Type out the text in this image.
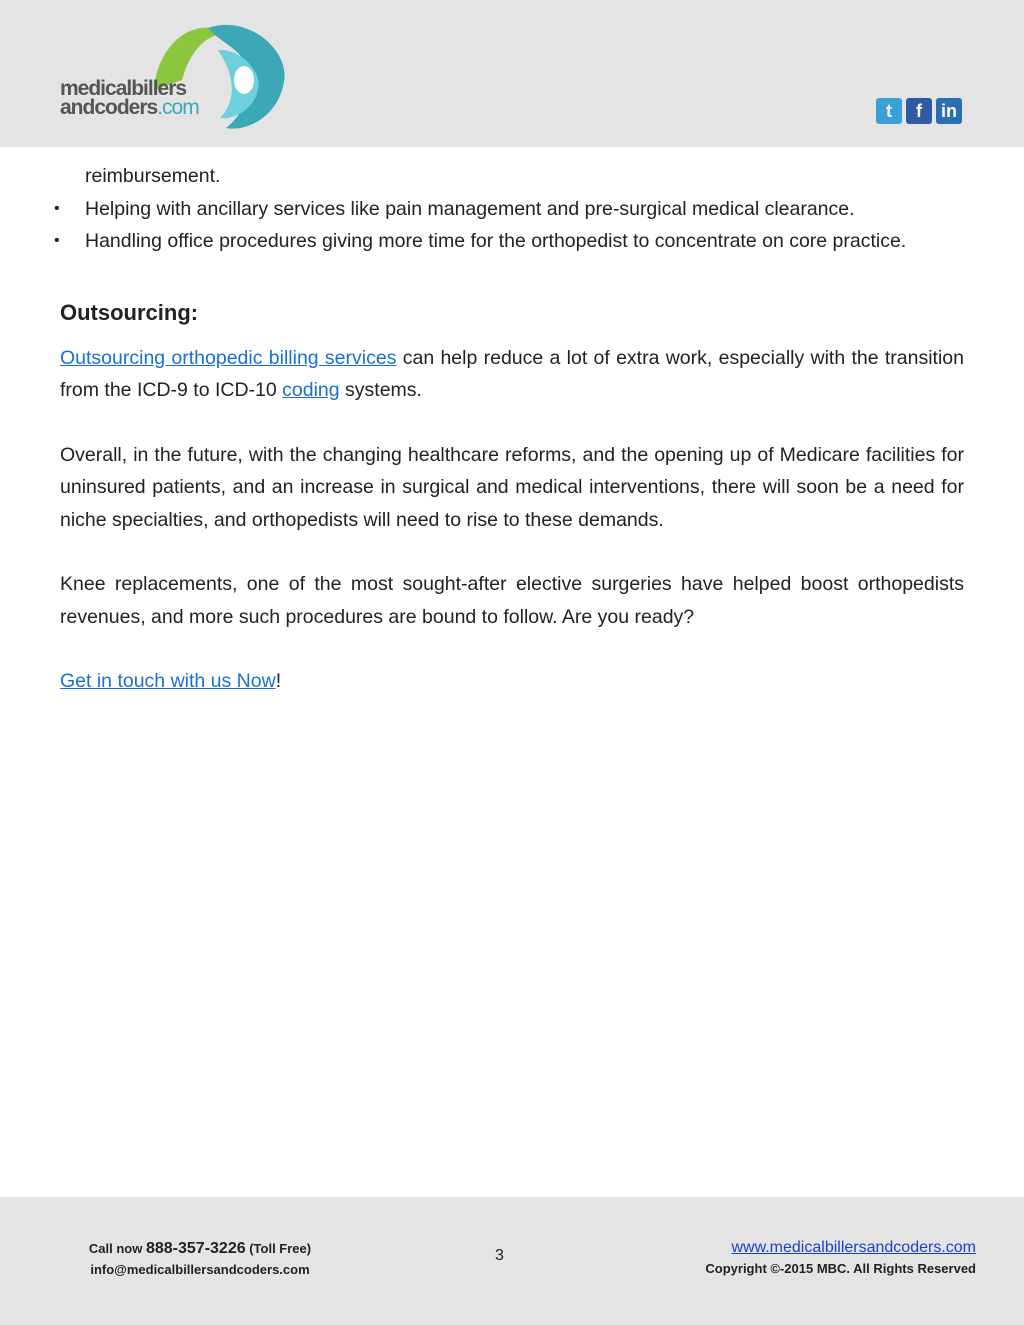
medicalbillers
andcoders.com	t	f	in
reimbursement.
• Helping with ancillary services like pain management and pre-surgical medical clearance.
• Handling office procedures giving more time for the orthopedist to concentrate on core practice.
Outsourcing:

Outsourcing orthopedic billing services can help reduce a lot of extra work, especially with the transition from the ICD-9 to ICD-10 coding systems.

Overall, in the future, with the changing healthcare reforms, and the opening up of Medicare facilities for uninsured patients, and an increase in surgical and medical interventions, there will soon be a need for niche specialties, and orthopedists will need to rise to these demands.

Knee replacements, one of the most sought-after elective surgeries have helped boost orthopedists revenues, and more such procedures are bound to follow. Are you ready?

Get in touch with us Now!

Call now 888-357-3226 (Toll Free)
info@medicalbillersandcoders.com
3	www.medicalbillersandcoders.com
Copyright ©-2015 MBC. All Rights Reserved
